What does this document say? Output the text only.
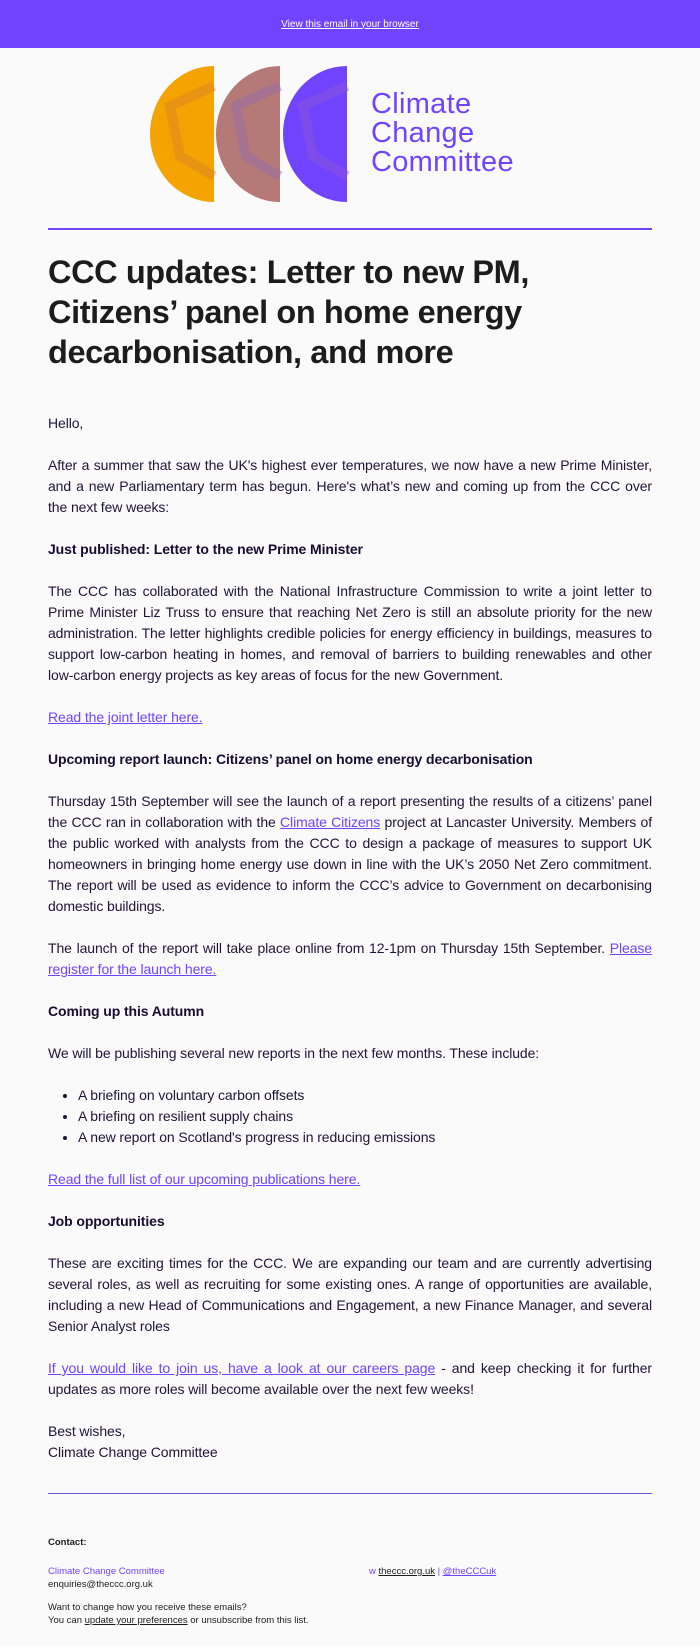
View this email in your browser
Climate
Change
Committee
CCC updates: Letter to new PM, Citizens’ panel on home energy decarbonisation, and more

Hello,

After a summer that saw the UK's highest ever temperatures, we now have a new Prime Minister, and a new Parliamentary term has begun. Here's what’s new and coming up from the CCC over the next few weeks:

Just published: Letter to the new Prime Minister

The CCC has collaborated with the National Infrastructure Commission to write a joint letter to Prime Minister Liz Truss to ensure that reaching Net Zero is still an absolute priority for the new administration. The letter highlights credible policies for energy efficiency in buildings, measures to support low-carbon heating in homes, and removal of barriers to building renewables and other low-carbon energy projects as key areas of focus for the new Government.

Read the joint letter here.

Upcoming report launch: Citizens’ panel on home energy decarbonisation

Thursday 15th September will see the launch of a report presenting the results of a citizens’ panel the CCC ran in collaboration with the Climate Citizens project at Lancaster University. Members of the public worked with analysts from the CCC to design a package of measures to support UK homeowners in bringing home energy use down in line with the UK’s 2050 Net Zero commitment. The report will be used as evidence to inform the CCC’s advice to Government on decarbonising domestic buildings.

The launch of the report will take place online from 12-1pm on Thursday 15th September. Please register for the launch here.

Coming up this Autumn

We will be publishing several new reports in the next few months. These include:

• A briefing on voluntary carbon offsets
• A briefing on resilient supply chains
• A new report on Scotland's progress in reducing emissions

Read the full list of our upcoming publications here.

Job opportunities

These are exciting times for the CCC. We are expanding our team and are currently advertising several roles, as well as recruiting for some existing ones. A range of opportunities are available, including a new Head of Communications and Engagement, a new Finance Manager, and several Senior Analyst roles

If you would like to join us, have a look at our careers page - and keep checking it for further updates as more roles will become available over the next few weeks!

Best wishes,
Climate Change Committee

Contact:
Climate Change Committee
enquiries@theccc.org.uk
w theccc.org.uk | @theCCCuk
Want to change how you receive these emails?
You can update your preferences or unsubscribe from this list.
